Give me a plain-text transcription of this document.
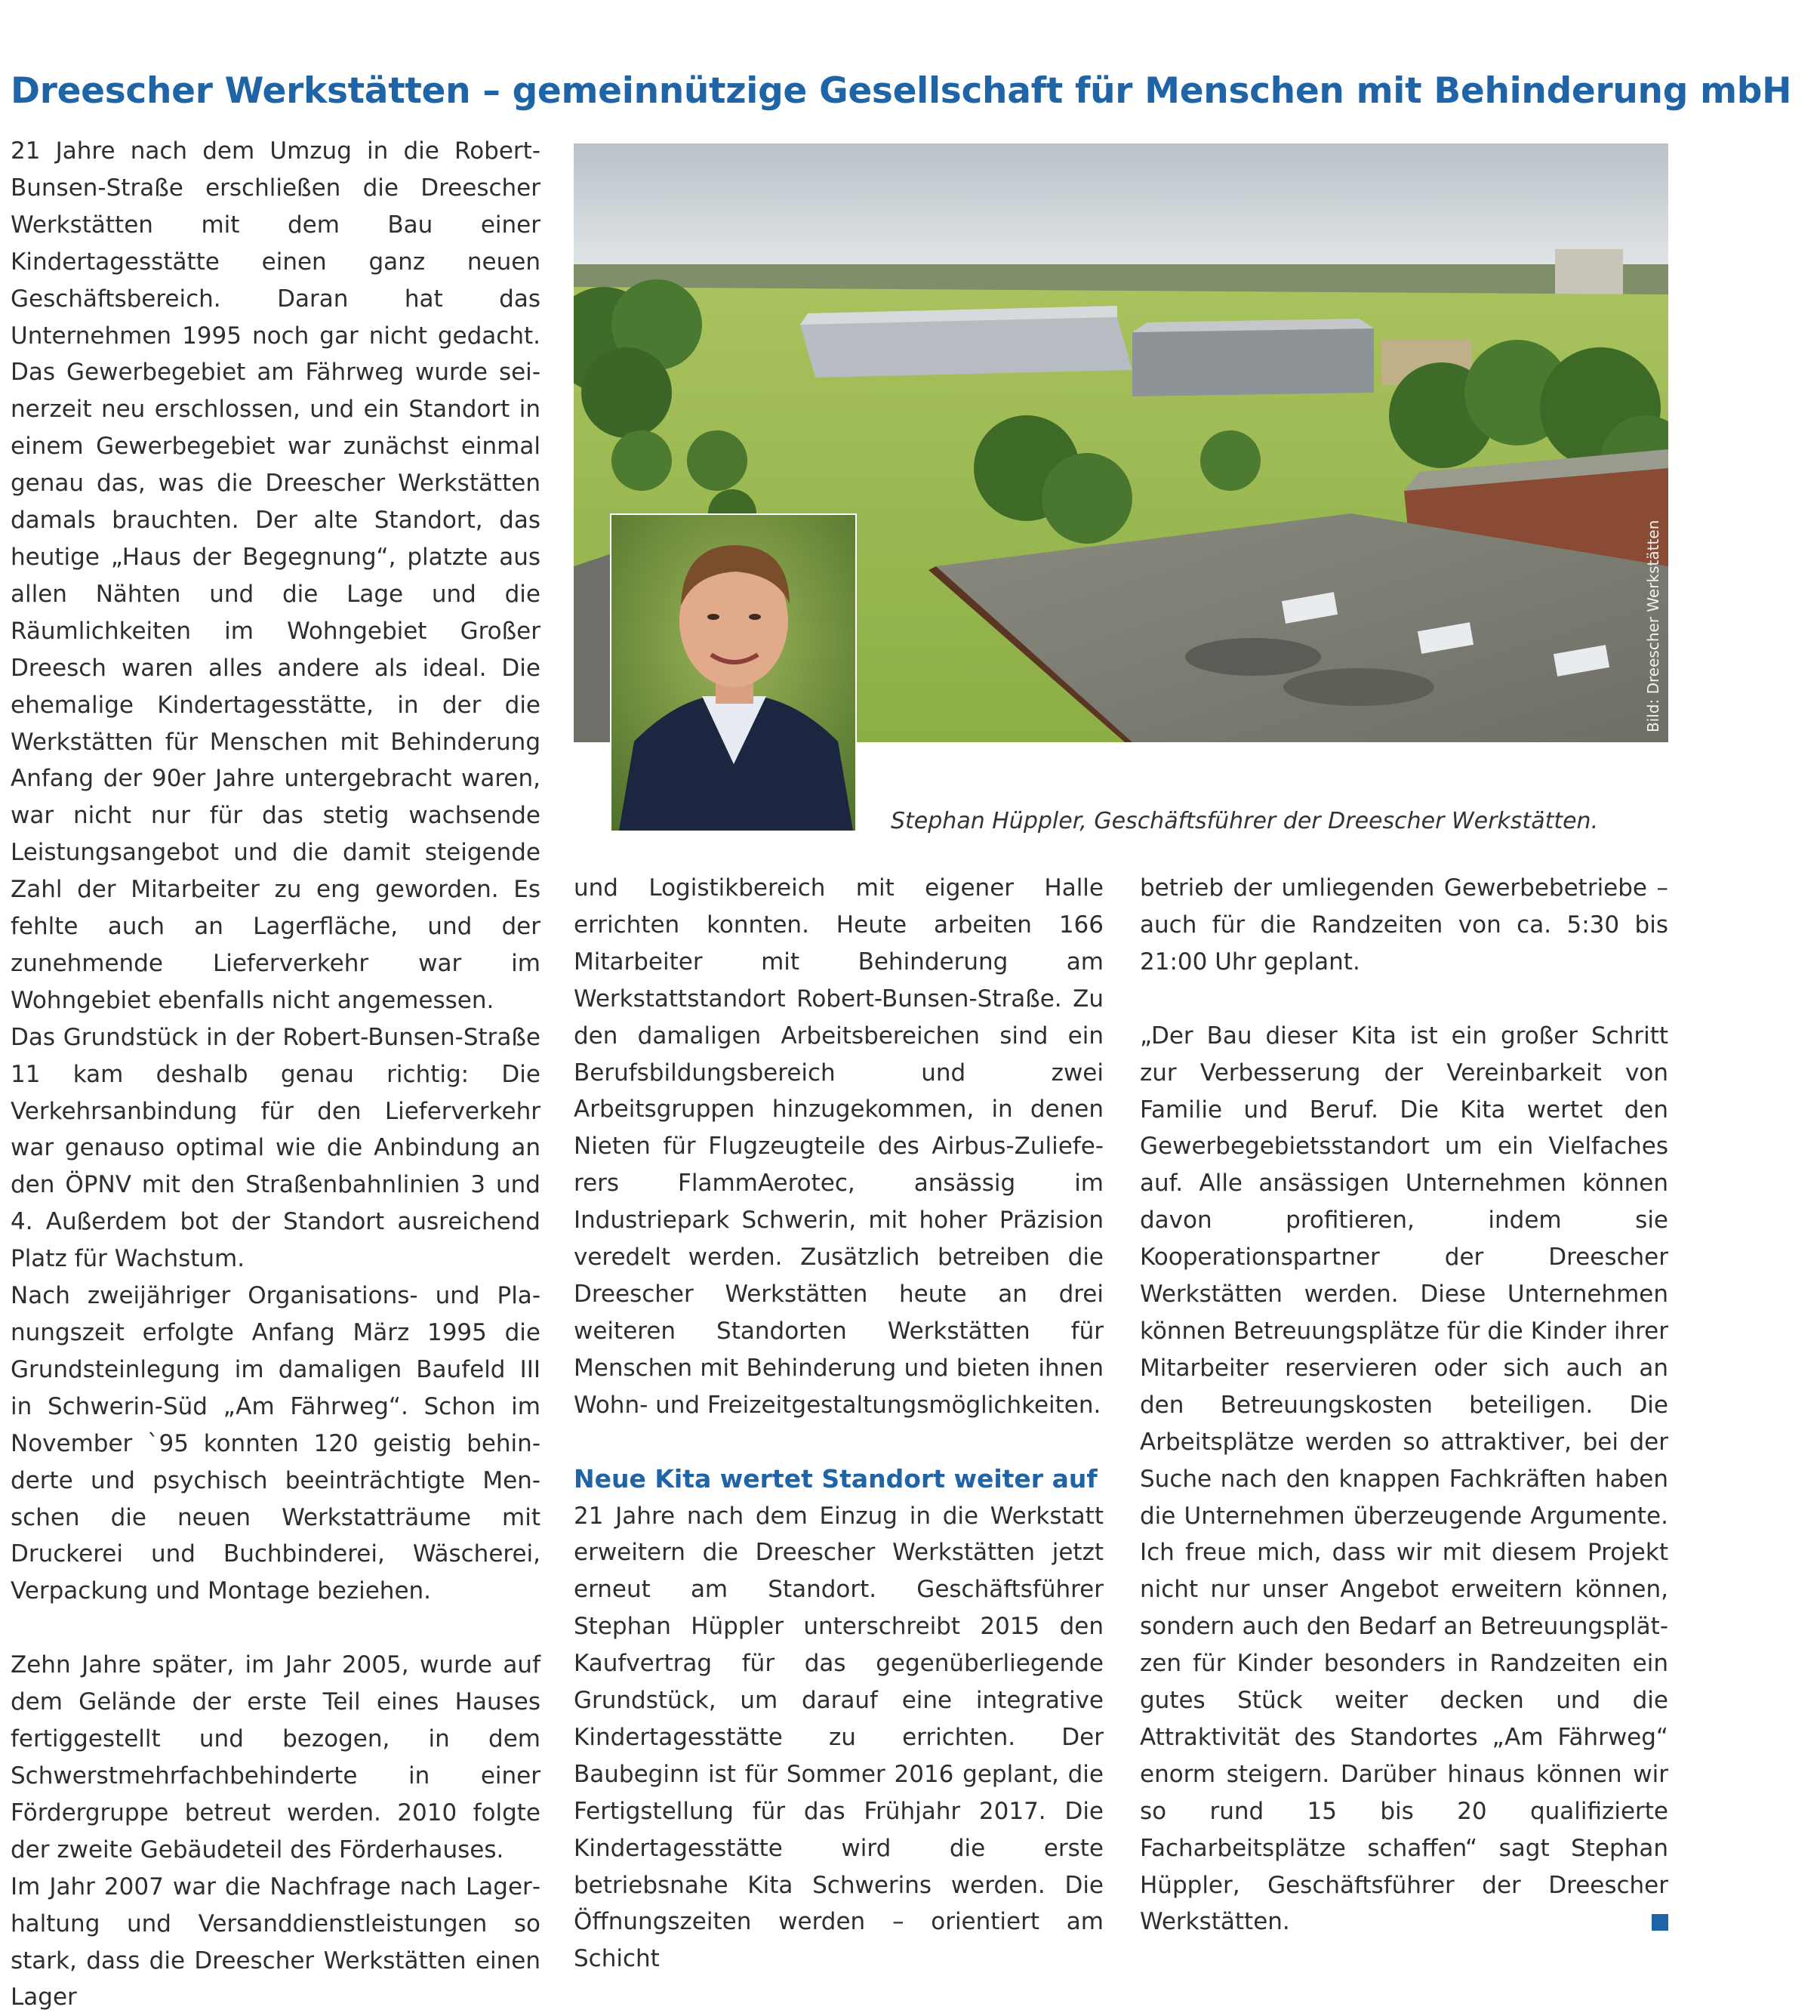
Dreescher Werkstätten – gemeinnützige Gesellschaft für Menschen mit Behinderung mbH
Bild: Dreescher Werkstätten
Stephan Hüppler, Geschäftsführer der Dreescher Werkstätten.

21 Jahre nach dem Umzug in die Robert-Bunsen-Straße erschließen die Dreescher Werkstätten mit dem Bau einer Kindertagesstätte einen ganz neuen Geschäftsbereich. Daran hat das Unternehmen 1995 noch gar nicht gedacht. Das Gewerbegebiet am Fährweg wurde seinerzeit neu erschlossen, und ein Standort in einem Gewerbegebiet war zunächst einmal genau das, was die Dreescher Werkstätten damals brauchten. Der alte Standort, das heutige „Haus der Begegnung“, platzte aus allen Nähten und die Lage und die Räumlichkeiten im Wohngebiet Großer Dreesch waren alles andere als ideal. Die ehemalige Kindertagesstätte, in der die Werkstätten für Menschen mit Behinderung Anfang der 90er Jahre untergebracht waren, war nicht nur für das stetig wachsende Leistungsangebot und die damit steigende Zahl der Mitarbeiter zu eng geworden. Es fehlte auch an Lagerfläche, und der zunehmende Lieferverkehr war im Wohngebiet ebenfalls nicht angemessen.

Das Grundstück in der Robert-Bunsen-Straße 11 kam deshalb genau richtig: Die Verkehrsanbindung für den Lieferverkehr war genauso optimal wie die Anbindung an den ÖPNV mit den Straßenbahnlinien 3 und 4. Außerdem bot der Standort ausreichend Platz für Wachstum.

Nach zweijähriger Organisations- und Planungszeit erfolgte Anfang März 1995 die Grundsteinlegung im damaligen Baufeld III in Schwerin-Süd „Am Fährweg“. Schon im November `95 konnten 120 geistig behinderte und psychisch beeinträchtigte Menschen die neuen Werkstatträume mit Druckerei und Buchbinderei, Wäscherei, Verpackung und Montage beziehen.

Zehn Jahre später, im Jahr 2005, wurde auf dem Gelände der erste Teil eines Hauses fertiggestellt und bezogen, in dem Schwerstmehrfachbehinderte in einer Fördergruppe betreut werden. 2010 folgte der zweite Gebäudeteil des Förderhauses.

Im Jahr 2007 war die Nachfrage nach Lagerhaltung und Versanddienstleistungen so stark, dass die Dreescher Werkstätten einen Lager

und Logistikbereich mit eigener Halle errichten konnten. Heute arbeiten 166 Mitarbeiter mit Behinderung am Werkstattstandort Robert-Bunsen-Straße. Zu den damaligen Arbeitsbereichen sind ein Berufsbildungsbereich und zwei Arbeitsgruppen hinzugekommen, in denen Nieten für Flugzeugteile des Airbus-Zulieferers FlammAerotec, ansässig im Industriepark Schwerin, mit hoher Präzision veredelt werden. Zusätzlich betreiben die Dreescher Werkstätten heute an drei weiteren Standorten Werkstätten für Menschen mit Behinderung und bieten ihnen Wohn- und Freizeitgestaltungsmöglichkeiten.

Neue Kita wertet Standort weiter auf

21 Jahre nach dem Einzug in die Werkstatt erweitern die Dreescher Werkstätten jetzt erneut am Standort. Geschäftsführer Stephan Hüppler unterschreibt 2015 den Kaufvertrag für das gegenüberliegende Grundstück, um darauf eine integrative Kindertagesstätte zu errichten. Der Baubeginn ist für Sommer 2016 geplant, die Fertigstellung für das Frühjahr 2017. Die Kindertagesstätte wird die erste betriebsnahe Kita Schwerins werden. Die Öffnungszeiten werden – orientiert am Schicht

betrieb der umliegenden Gewerbebetriebe – auch für die Randzeiten von ca. 5:30 bis 21:00 Uhr geplant.

„Der Bau dieser Kita ist ein großer Schritt zur Verbesserung der Vereinbarkeit von Familie und Beruf. Die Kita wertet den Gewerbegebietsstandort um ein Vielfaches auf. Alle ansässigen Unternehmen können davon profitieren, indem sie Kooperationspartner der Dreescher Werkstätten werden. Diese Unternehmen können Betreuungsplätze für die Kinder ihrer Mitarbeiter reservieren oder sich auch an den Betreuungskosten beteiligen. Die Arbeitsplätze werden so attraktiver, bei der Suche nach den knappen Fachkräften haben die Unternehmen überzeugende Argumente. Ich freue mich, dass wir mit diesem Projekt nicht nur unser Angebot erweitern können, sondern auch den Bedarf an Betreuungsplätzen für Kinder besonders in Randzeiten ein gutes Stück weiter decken und die Attraktivität des Standortes „Am Fährweg“ enorm steigern. Darüber hinaus können wir so rund 15 bis 20 qualifizierte Facharbeitsplätze schaffen“ sagt Stephan Hüppler, Geschäftsführer der Dreescher Werkstätten.
